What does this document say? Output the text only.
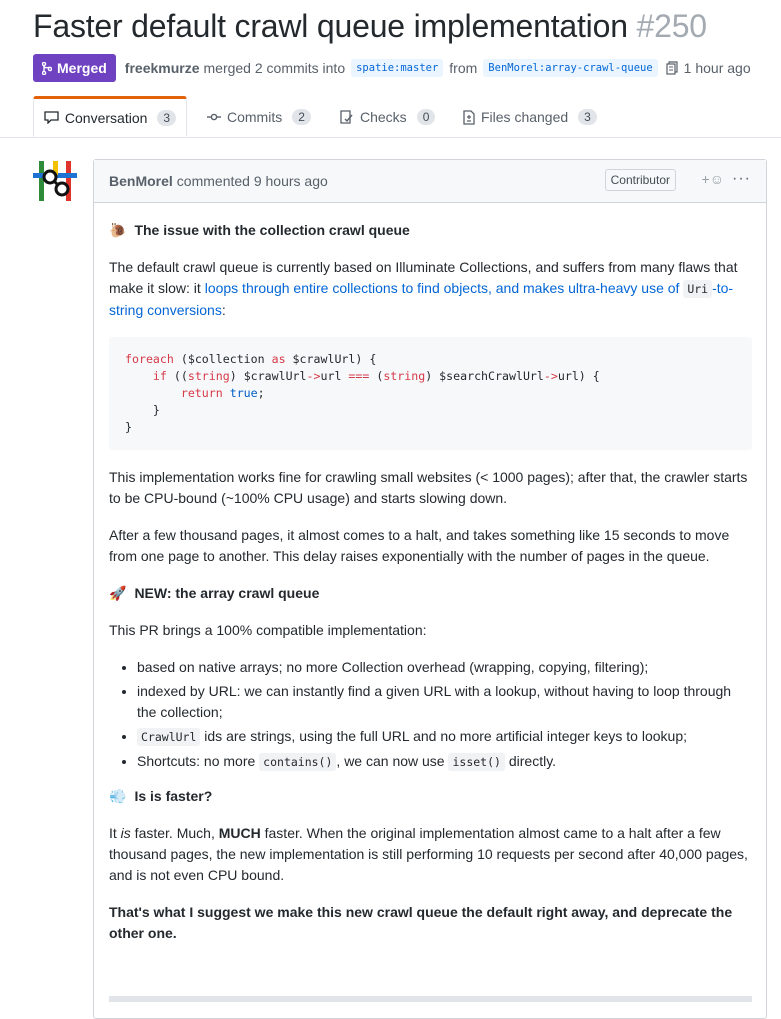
Faster default crawl queue implementation #250
Merged freekmurze merged 2 commits into	spatie:master from	BenMorel:array-crawl-queue	1 hour ago
Conversation	3	Commits	2	Checks	0	Files changed	3
BenMorel commented 9 hours ago	Contributor	+☺ ···

🐌 The issue with the collection crawl queue

The default crawl queue is currently based on Illuminate Collections, and suffers from many flaws that make it slow: it loops through entire collections to find objects, and makes ultra-heavy use of Uri -to-string conversions:

foreach ($collection as $crawlUrl) {
if ((string) $crawlUrl->url === (string) $searchCrawlUrl->url) {
return true;
}
}

This implementation works fine for crawling small websites (< 1000 pages); after that, the crawler starts to be CPU-bound (~100% CPU usage) and starts slowing down.

After a few thousand pages, it almost comes to a halt, and takes something like 15 seconds to move from one page to another. This delay raises exponentially with the number of pages in the queue.

🚀 NEW: the array crawl queue

This PR brings a 100% compatible implementation:

• based on native arrays; no more Collection overhead (wrapping, copying, filtering);
• indexed by URL: we can instantly find a given URL with a lookup, without having to loop through the collection;
• CrawlUrl ids are strings, using the full URL and no more artificial integer keys to lookup;
• Shortcuts: no more contains() , we can now use isset() directly.

💨 Is is faster?

It is faster. Much, MUCH faster. When the original implementation almost came to a halt after a few thousand pages, the new implementation is still performing 10 requests per second after 40,000 pages, and is not even CPU bound.

That's what I suggest we make this new crawl queue the default right away, and deprecate the other one.
